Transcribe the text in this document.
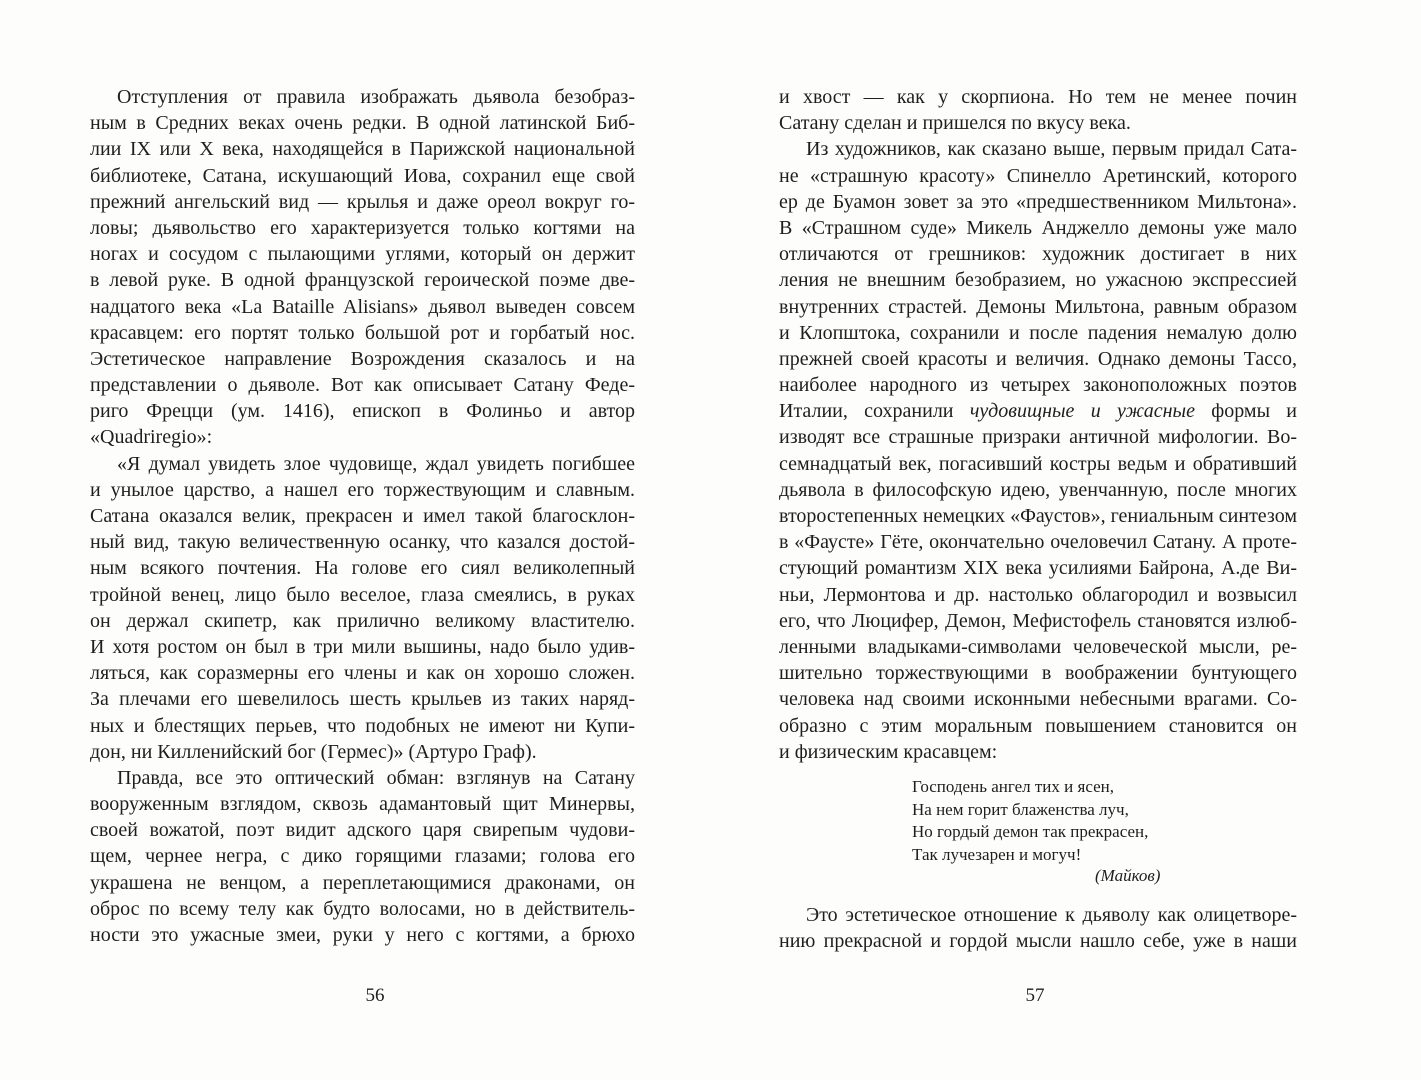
Отступления от правила изображать дьявола безобраз-
ным в Средних веках очень редки. В одной латинской Биб-
лии IX или X века, находящейся в Парижской национальной
библиотеке, Сатана, искушающий Иова, сохранил еще свой
прежний ангельский вид — крылья и даже ореол вокруг го-
ловы; дьявольство его характеризуется только когтями на
ногах и сосудом с пылающими углями, который он держит
в левой руке. В одной французской героической поэме две-
надцатого века «La Bataille Alisians» дьявол выведен совсем
красавцем: его портят только большой рот и горбатый нос.
Эстетическое направление Возрождения сказалось и на
представлении о дьяволе. Вот как описывает Сатану Феде-
риго Фрецци (ум. 1416), епископ в Фолиньо и автор
«Quadriregio»:
«Я думал увидеть злое чудовище, ждал увидеть погибшее
и унылое царство, а нашел его торжествующим и славным.
Сатана оказался велик, прекрасен и имел такой благосклон-
ный вид, такую величественную осанку, что казался достой-
ным всякого почтения. На голове его сиял великолепный
тройной венец, лицо было веселое, глаза смеялись, в руках
он держал скипетр, как прилично великому властителю.
И хотя ростом он был в три мили вышины, надо было удив-
ляться, как соразмерны его члены и как он хорошо сложен.
За плечами его шевелилось шесть крыльев из таких наряд-
ных и блестящих перьев, что подобных не имеют ни Купи-
дон, ни Килленийский бог (Гермес)» (Артуро Граф).
Правда, все это оптический обман: взглянув на Сатану
вооруженным взглядом, сквозь адамантовый щит Минервы,
своей вожатой, поэт видит адского царя свирепым чудови-
щем, чернее негра, с дико горящими глазами; голова его
украшена не венцом, а переплетающимися драконами, он
оброс по всему телу как будто волосами, но в действитель-
ности это ужасные змеи, руки у него с когтями, а брюхо
56
и хвост — как у скорпиона. Но тем не менее почин
Сатану сделан и пришелся по вкусу века.
Из художников, как сказано выше, первым придал Сата-
не «страшную красоту» Спинелло Аретинский, которого
ер де Буамон зовет за это «предшественником Мильтона».
В «Страшном суде» Микель Анджелло демоны уже мало
отличаются от грешников: художник достигает в них
ления не внешним безобразием, но ужасною экспрессией
внутренних страстей. Демоны Мильтона, равным образом
и Клопштока, сохранили и после падения немалую долю
прежней своей красоты и величия. Однако демоны Тассо,
наиболее народного из четырех законоположных поэтов
Италии, сохранили чудовищные и ужасные формы и
изводят все страшные призраки античной мифологии. Во-
семнадцатый век, погасивший костры ведьм и обративший
дьявола в философскую идею, увенчанную, после многих
второстепенных немецких «Фаустов», гениальным синтезом
в «Фаусте» Гёте, окончательно очеловечил Сатану. А проте-
стующий романтизм XIX века усилиями Байрона, А.де Ви-
ньи, Лермонтова и др. настолько облагородил и возвысил
его, что Люцифер, Демон, Мефистофель становятся излюб-
ленными владыками-символами человеческой мысли, ре-
шительно торжествующими в воображении бунтующего
человека над своими исконными небесными врагами. Со-
образно с этим моральным повышением становится он
и физическим красавцем:
Господень ангел тих и ясен,
На нем горит блаженства луч,
Но гордый демон так прекрасен,
Так лучезарен и могуч!
(Майков)
Это эстетическое отношение к дьяволу как олицетворе-
нию прекрасной и гордой мысли нашло себе, уже в наши
57
